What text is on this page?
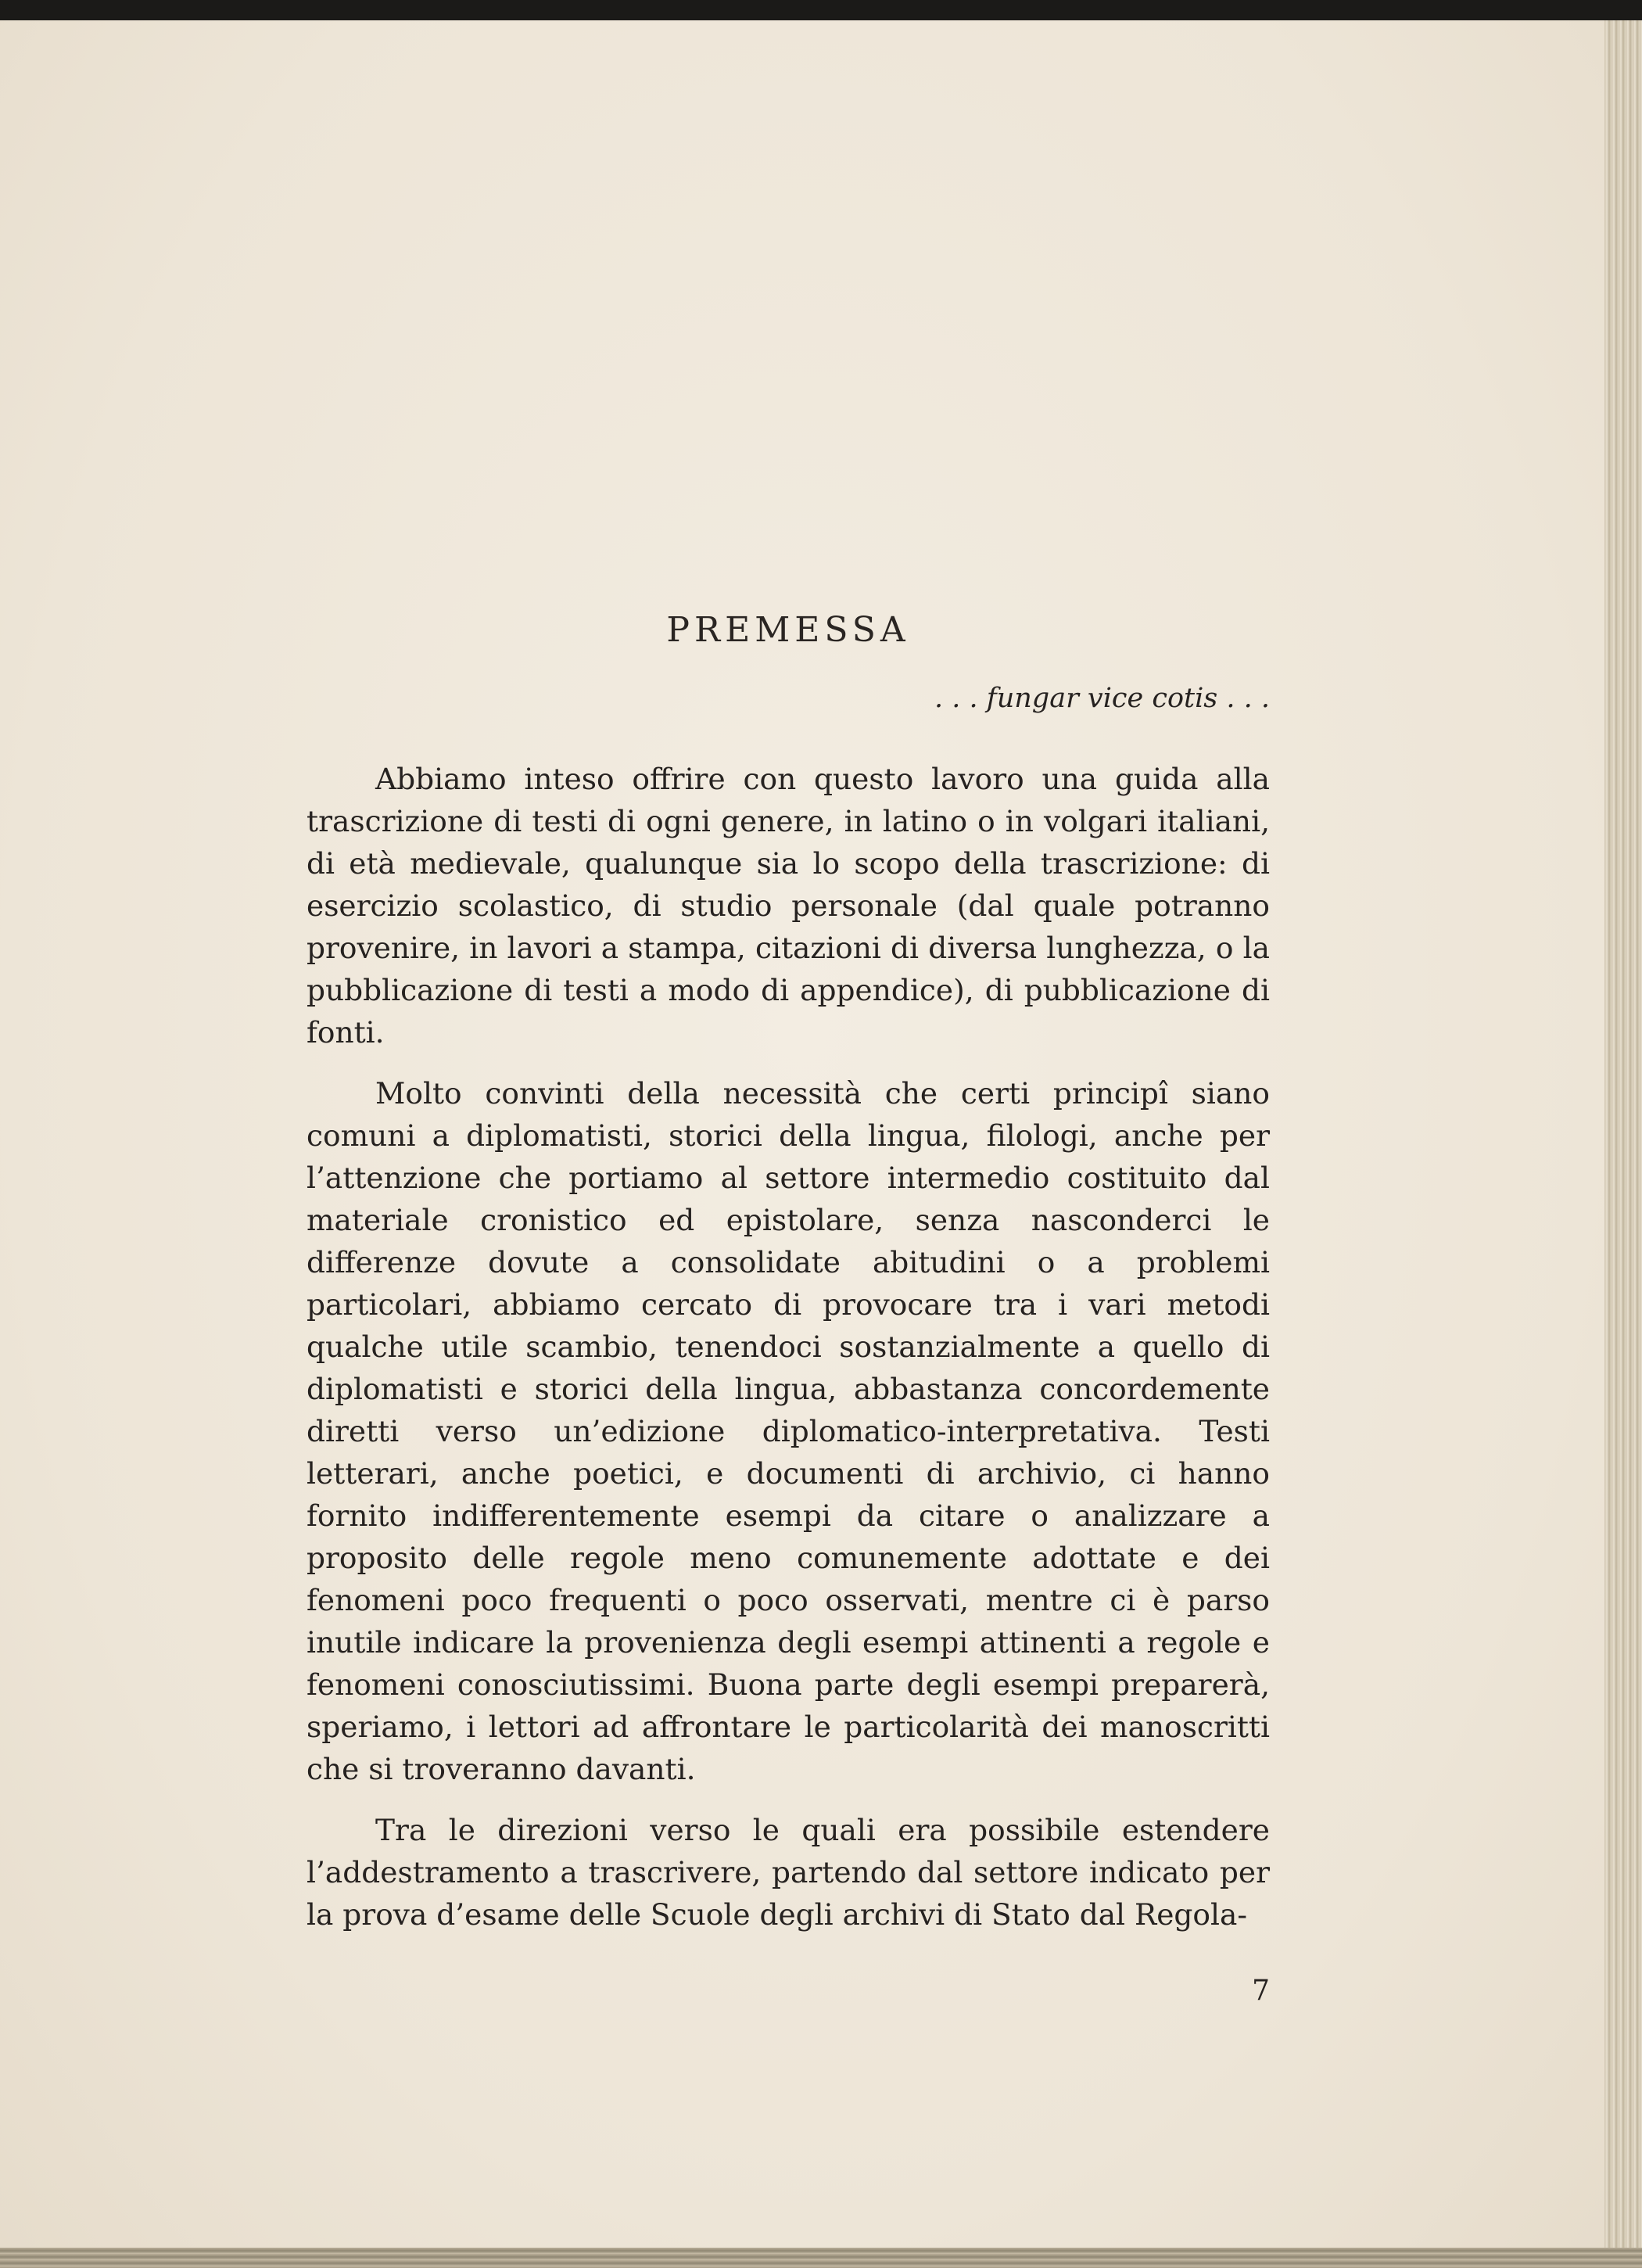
PREMESSA

. . . fungar vice cotis . . .

Abbiamo inteso offrire con questo lavoro una guida alla trascrizione di testi di ogni genere, in latino o in volgari italiani, di età medievale, qualunque sia lo scopo della trascrizione: di esercizio scolastico, di studio personale (dal quale potranno provenire, in lavori a stampa, citazioni di diversa lunghezza, o la pubblicazione di testi a modo di appendice), di pubblicazione di fonti.

Molto convinti della necessità che certi principî siano comuni a diplomatisti, storici della lingua, filologi, anche per l’attenzione che portiamo al settore intermedio costituito dal materiale cronistico ed epistolare, senza nasconderci le differenze dovute a consolidate abitudini o a problemi particolari, abbiamo cercato di provocare tra i vari metodi qualche utile scambio, tenendoci sostanzialmente a quello di diplomatisti e storici della lingua, abbastanza concordemente diretti verso un’edizione diplomatico-interpretativa. Testi letterari, anche poetici, e documenti di archivio, ci hanno fornito indifferentemente esempi da citare o analizzare a proposito delle regole meno comunemente adottate e dei fenomeni poco frequenti o poco osservati, mentre ci è parso inutile indicare la provenienza degli esempi attinenti a regole e fenomeni conosciutissimi. Buona parte degli esempi preparerà, speriamo, i lettori ad affrontare le particolarità dei manoscritti che si troveranno davanti.

Tra le direzioni verso le quali era possibile estendere l’addestramento a trascrivere, partendo dal settore indicato per la prova d’esame delle Scuole degli archivi di Stato dal Regola-

7
